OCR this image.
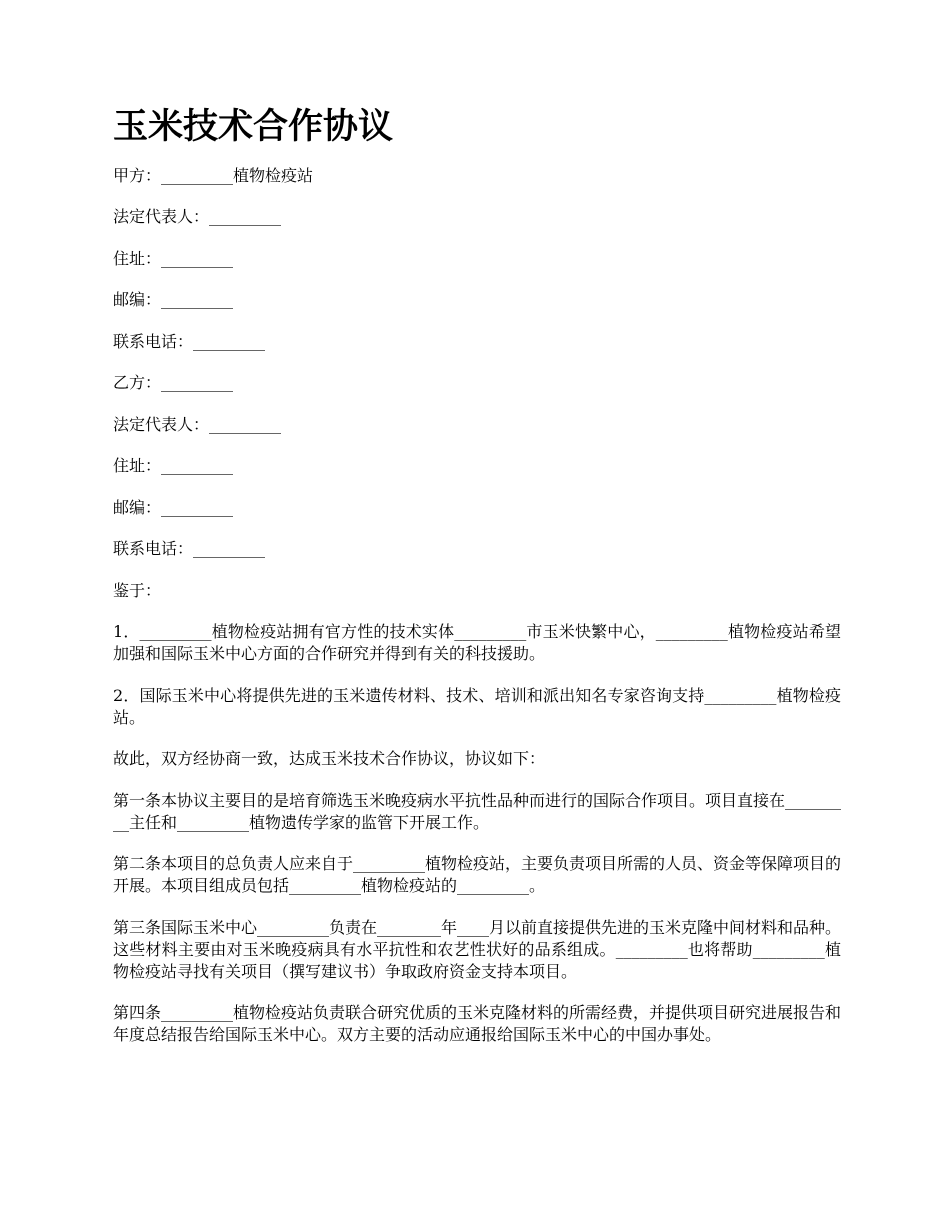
玉米技术合作协议
甲方：_________植物检疫站
法定代表人：_________
住址：_________
邮编：_________
联系电话：_________
乙方：_________
法定代表人：_________
住址：_________
邮编：_________
联系电话：_________
鉴于：

1．_________植物检疫站拥有官方性的技术实体_________市玉米快繁中心，_________植物检疫站希望加强和国际玉米中心方面的合作研究并得到有关的科技援助。

2．国际玉米中心将提供先进的玉米遗传材料、技术、培训和派出知名专家咨询支持_________植物检疫站。

故此，双方经协商一致，达成玉米技术合作协议，协议如下：

第一条本协议主要目的是培育筛选玉米晚疫病水平抗性品种而进行的国际合作项目。项目直接在_________主任和_________植物遗传学家的监管下开展工作。

第二条本项目的总负责人应来自于_________植物检疫站，主要负责项目所需的人员、资金等保障项目的开展。本项目组成员包括_________植物检疫站的_________。

第三条国际玉米中心_________负责在________年____月以前直接提供先进的玉米克隆中间材料和品种。这些材料主要由对玉米晚疫病具有水平抗性和农艺性状好的品系组成。_________也将帮助_________植物检疫站寻找有关项目（撰写建议书）争取政府资金支持本项目。

第四条_________植物检疫站负责联合研究优质的玉米克隆材料的所需经费，并提供项目研究进展报告和年度总结报告给国际玉米中心。双方主要的活动应通报给国际玉米中心的中国办事处。
